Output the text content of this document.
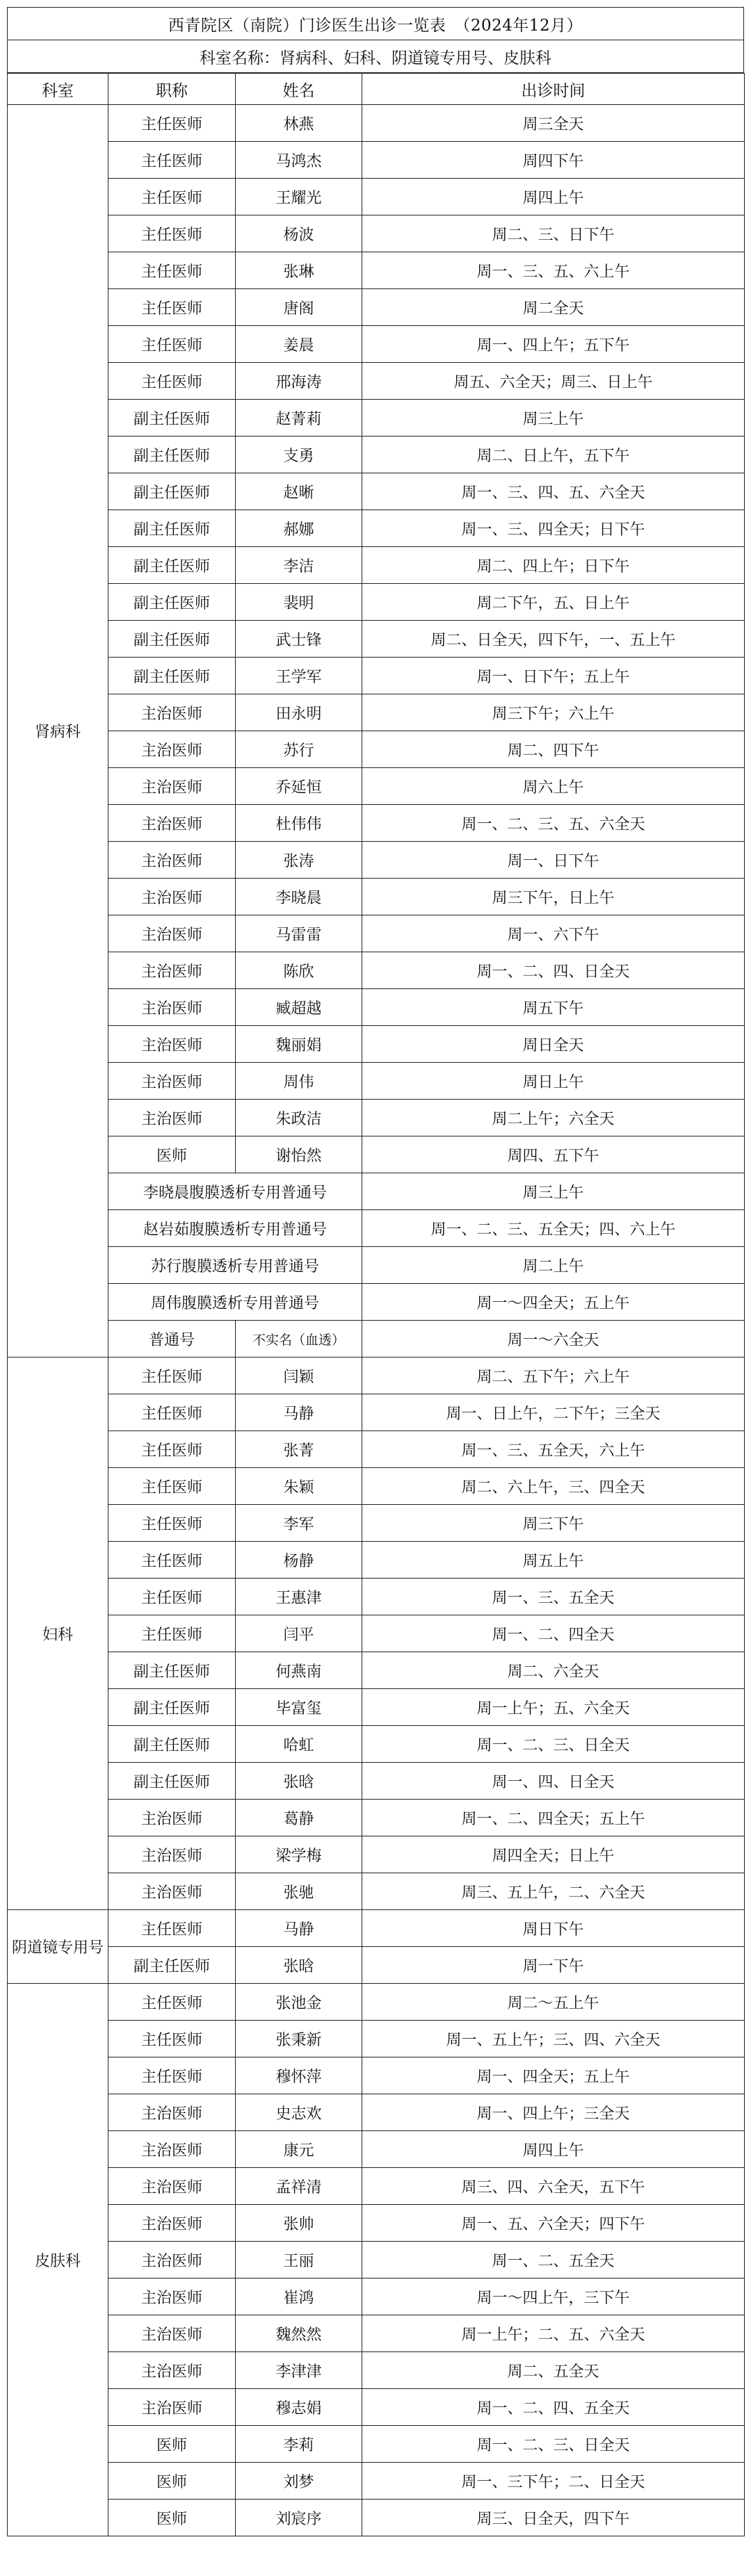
西青院区（南院）门诊医生出诊一览表　（2024年12月）
科室名称：肾病科、妇科、阴道镜专用号、皮肤科
科室	职称	姓名	出诊时间
肾病科	主任医师	林燕	周三全天
	主任医师	马鸿杰	周四下午
	主任医师	王耀光	周四上午
	主任医师	杨波	周二、三、日下午
	主任医师	张琳	周一、三、五、六上午
	主任医师	唐阁	周二全天
	主任医师	姜晨	周一、四上午；五下午
	主任医师	邢海涛	周五、六全天；周三、日上午
	副主任医师	赵菁莉	周三上午
	副主任医师	支勇	周二、日上午，五下午
	副主任医师	赵晰	周一、三、四、五、六全天
	副主任医师	郝娜	周一、三、四全天；日下午
	副主任医师	李洁	周二、四上午；日下午
	副主任医师	裴明	周二下午，五、日上午
	副主任医师	武士锋	周二、日全天，四下午，一、五上午
	副主任医师	王学军	周一、日下午；五上午
	主治医师	田永明	周三下午；六上午
	主治医师	苏行	周二、四下午
	主治医师	乔延恒	周六上午
	主治医师	杜伟伟	周一、二、三、五、六全天
	主治医师	张涛	周一、日下午
	主治医师	李晓晨	周三下午，日上午
	主治医师	马雷雷	周一、六下午
	主治医师	陈欣	周一、二、四、日全天
	主治医师	臧超越	周五下午
	主治医师	魏丽娟	周日全天
	主治医师	周伟	周日上午
	主治医师	朱政洁	周二上午；六全天
	医师	谢怡然	周四、五下午
	李晓晨腹膜透析专用普通号		周三上午
	赵岩茹腹膜透析专用普通号		周一、二、三、五全天；四、六上午
	苏行腹膜透析专用普通号		周二上午
	周伟腹膜透析专用普通号		周一～四全天；五上午
	普通号	不实名（血透）	周一～六全天
妇科	主任医师	闫颖	周二、五下午；六上午
	主任医师	马静	周一、日上午，二下午；三全天
	主任医师	张菁	周一、三、五全天，六上午
	主任医师	朱颖	周二、六上午，三、四全天
	主任医师	李军	周三下午
	主任医师	杨静	周五上午
	主任医师	王惠津	周一、三、五全天
	主任医师	闫平	周一、二、四全天
	副主任医师	何燕南	周二、六全天
	副主任医师	毕富玺	周一上午；五、六全天
	副主任医师	哈虹	周一、二、三、日全天
	副主任医师	张晗	周一、四、日全天
	主治医师	葛静	周一、二、四全天；五上午
	主治医师	梁学梅	周四全天；日上午
	主治医师	张驰	周三、五上午，二、六全天
阴道镜专用号	主任医师	马静	周日下午
	副主任医师	张晗	周一下午
皮肤科	主任医师	张池金	周二～五上午
	主任医师	张秉新	周一、五上午；三、四、六全天
	主任医师	穆怀萍	周一、四全天；五上午
	主治医师	史志欢	周一、四上午；三全天
	主治医师	康元	周四上午
	主治医师	孟祥清	周三、四、六全天，五下午
	主治医师	张帅	周一、五、六全天；四下午
	主治医师	王丽	周一、二、五全天
	主治医师	崔鸿	周一～四上午，三下午
	主治医师	魏然然	周一上午；二、五、六全天
	主治医师	李津津	周二、五全天
	主治医师	穆志娟	周一、二、四、五全天
	医师	李莉	周一、二、三、日全天
	医师	刘梦	周一、三下午；二、日全天
	医师	刘宸序	周三、日全天，四下午
